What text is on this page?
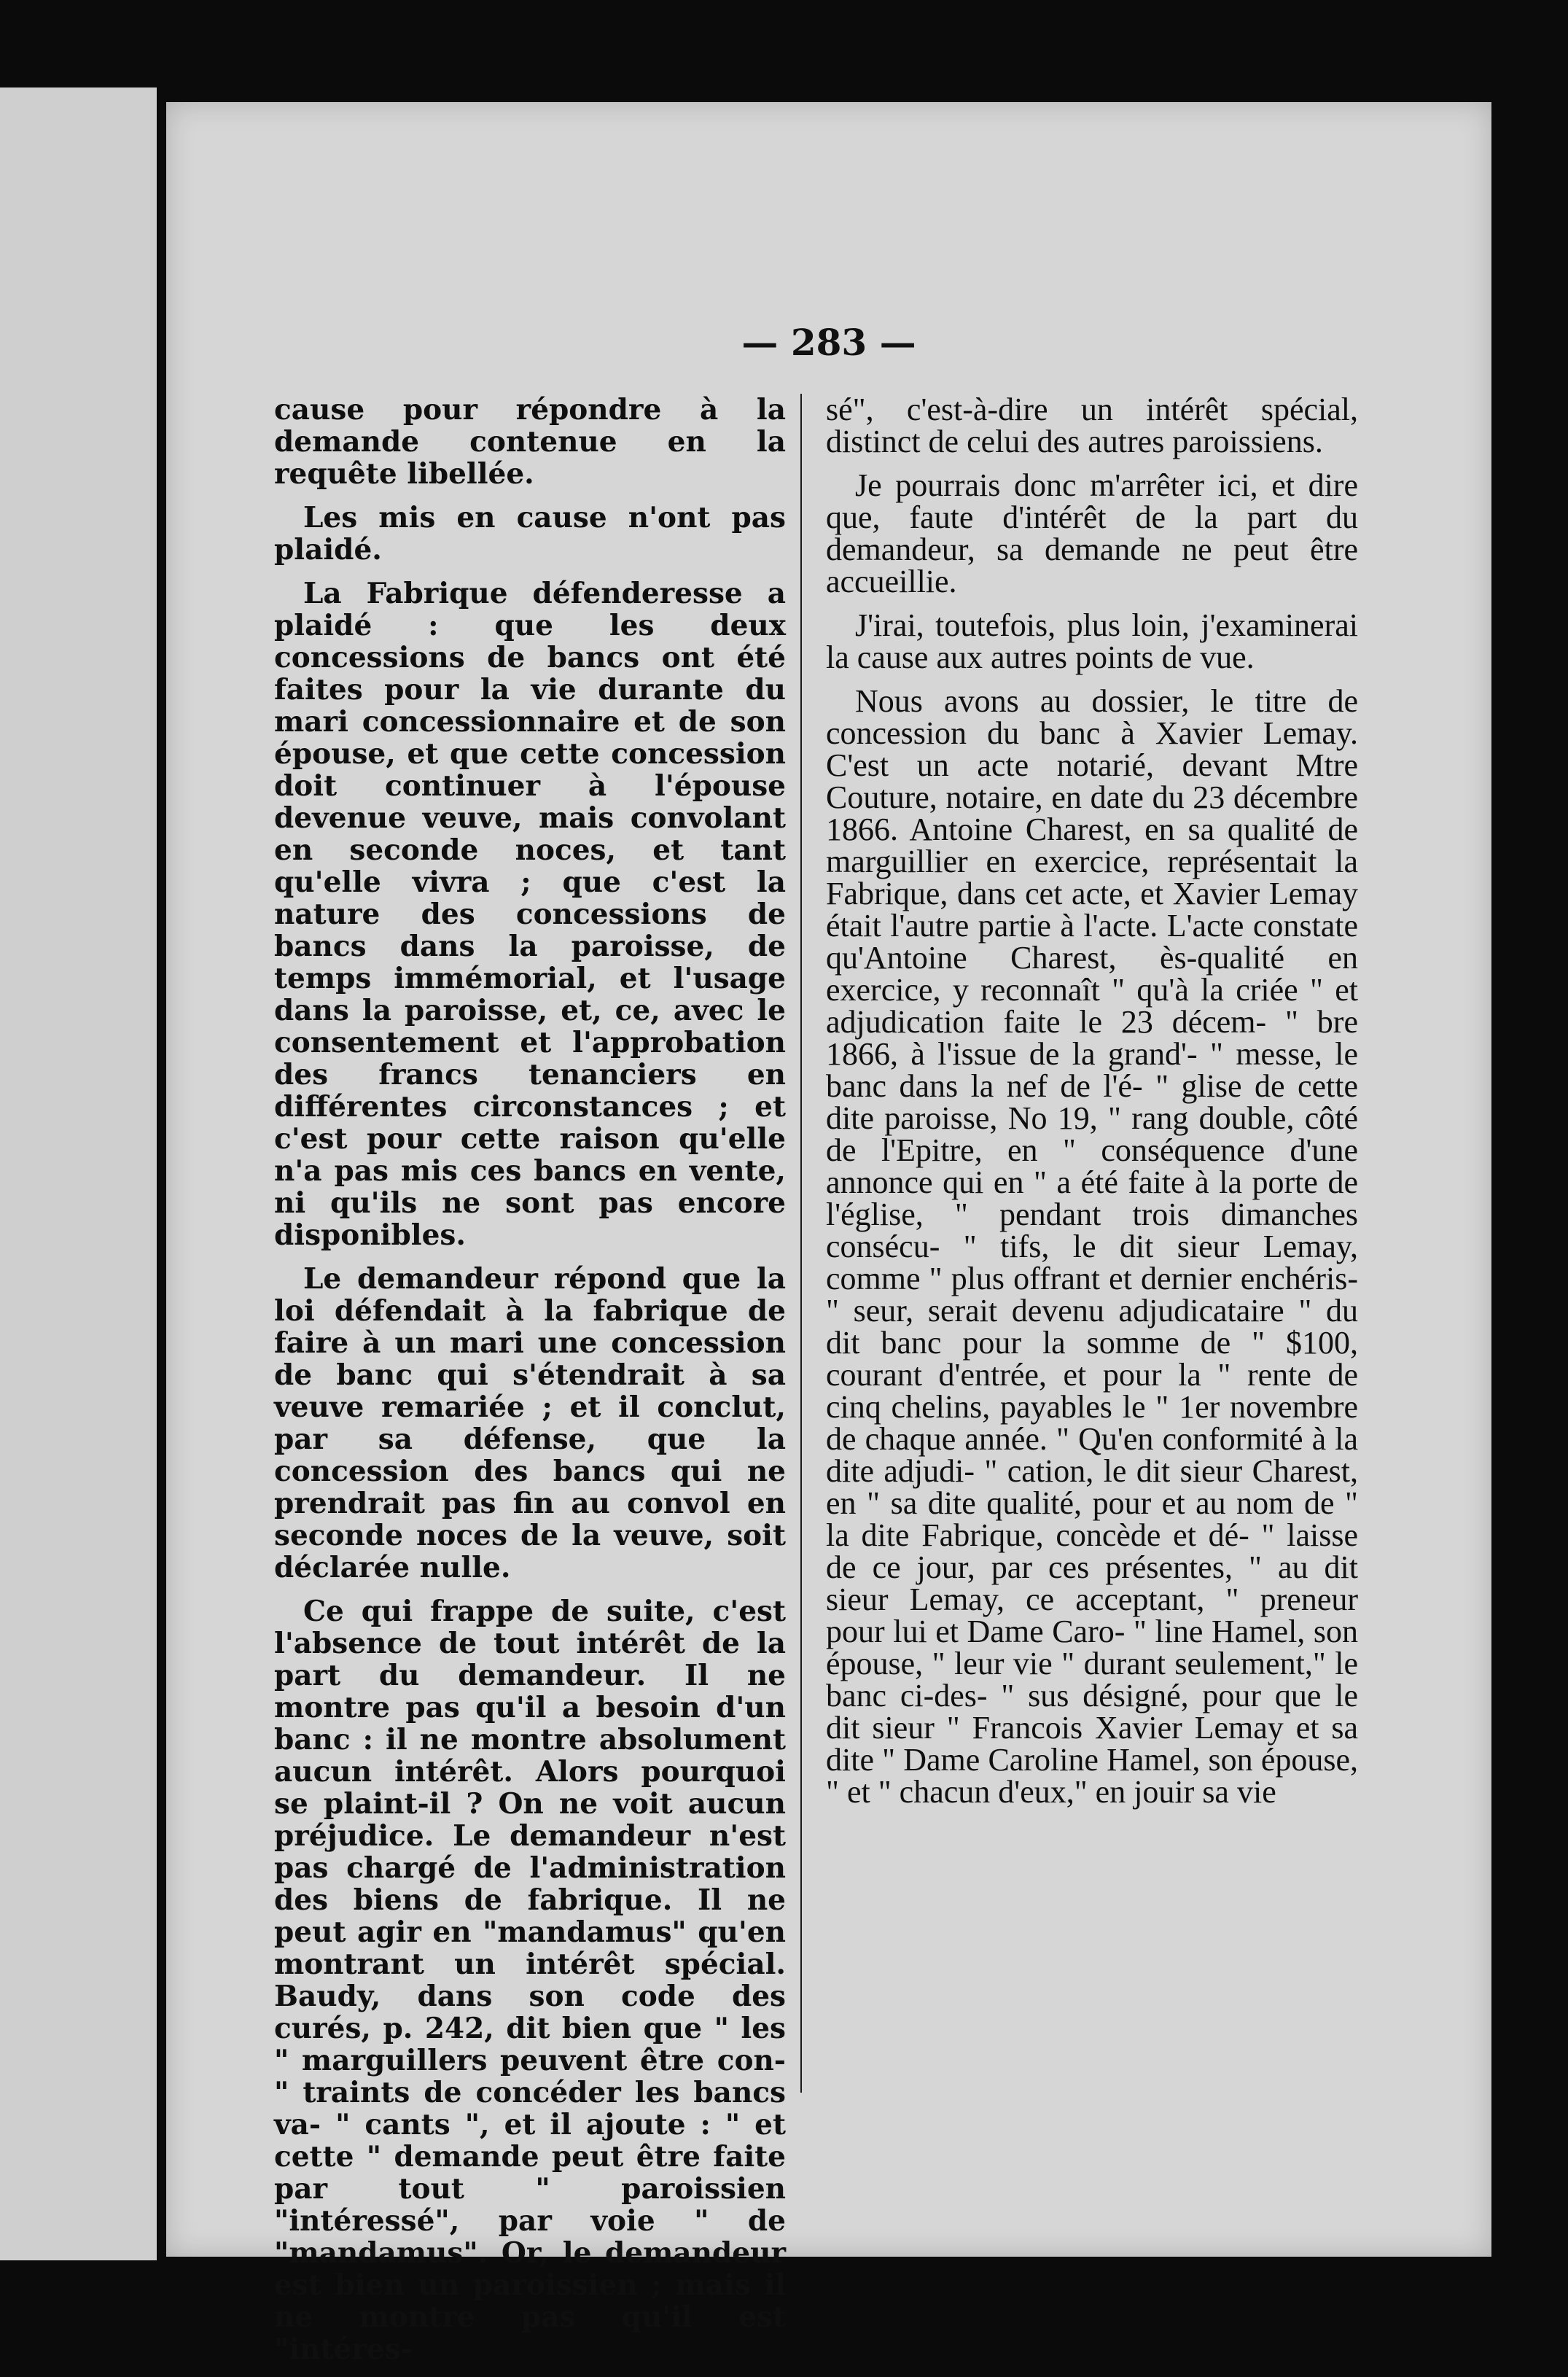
— 283 —

cause pour répondre à la demande contenue en la requête libellée.

Les mis en cause n'ont pas plaidé.

La Fabrique défenderesse a plaidé : que les deux concessions de bancs ont été faites pour la vie durante du mari concessionnaire et de son épouse, et que cette concession doit continuer à l'épouse devenue veuve, mais convolant en seconde noces, et tant qu'elle vivra ; que c'est la nature des concessions de bancs dans la paroisse, de temps immémorial, et l'usage dans la paroisse, et, ce, avec le consentement et l'approbation des francs tenanciers en différentes circonstances ; et c'est pour cette raison qu'elle n'a pas mis ces bancs en vente, ni qu'ils ne sont pas encore disponibles.

Le demandeur répond que la loi défendait à la fabrique de faire à un mari une concession de banc qui s'étendrait à sa veuve remariée ; et il conclut, par sa défense, que la concession des bancs qui ne prendrait pas fin au convol en seconde noces de la veuve, soit déclarée nulle.

Ce qui frappe de suite, c'est l'absence de tout intérêt de la part du demandeur. Il ne montre pas qu'il a besoin d'un banc : il ne montre absolument aucun intérêt. Alors pourquoi se plaint-il ? On ne voit aucun préjudice. Le demandeur n'est pas chargé de l'administration des biens de fabrique. Il ne peut agir en "mandamus" qu'en montrant un intérêt spécial. Baudy, dans son code des curés, p. 242, dit bien que " les " marguillers peuvent être con- " traints de concéder les bancs va- " cants ", et il ajoute : " et cette " demande peut être faite par tout " paroissien "intéressé", par voie " de "mandamus". Or, le demandeur est bien un paroissien ; mais il ne montre pas qu'il est "intéres-

sé", c'est-à-dire un intérêt spécial, distinct de celui des autres paroissiens.

Je pourrais donc m'arrêter ici, et dire que, faute d'intérêt de la part du demandeur, sa demande ne peut être accueillie.

J'irai, toutefois, plus loin, j'examinerai la cause aux autres points de vue.

Nous avons au dossier, le titre de concession du banc à Xavier Lemay. C'est un acte notarié, devant Mtre Couture, notaire, en date du 23 décembre 1866. Antoine Charest, en sa qualité de marguillier en exercice, représentait la Fabrique, dans cet acte, et Xavier Lemay était l'autre partie à l'acte. L'acte constate qu'Antoine Charest, ès-qualité en exercice, y reconnaît " qu'à la criée " et adjudication faite le 23 décem- " bre 1866, à l'issue de la grand'- " messe, le banc dans la nef de l'é- " glise de cette dite paroisse, No 19, " rang double, côté de l'Epitre, en " conséquence d'une annonce qui en " a été faite à la porte de l'église, " pendant trois dimanches consécu- " tifs, le dit sieur Lemay, comme " plus offrant et dernier enchéris- " seur, serait devenu adjudicataire " du dit banc pour la somme de " $100, courant d'entrée, et pour la " rente de cinq chelins, payables le " 1er novembre de chaque année. " Qu'en conformité à la dite adjudi- " cation, le dit sieur Charest, en " sa dite qualité, pour et au nom de " la dite Fabrique, concède et dé- " laisse de ce jour, par ces présentes, " au dit sieur Lemay, ce acceptant, " preneur pour lui et Dame Caro- " line Hamel, son épouse, " leur vie " durant seulement," le banc ci-des- " sus désigné, pour que le dit sieur " Francois Xavier Lemay et sa dite " Dame Caroline Hamel, son épouse, " et " chacun d'eux," en jouir sa vie
